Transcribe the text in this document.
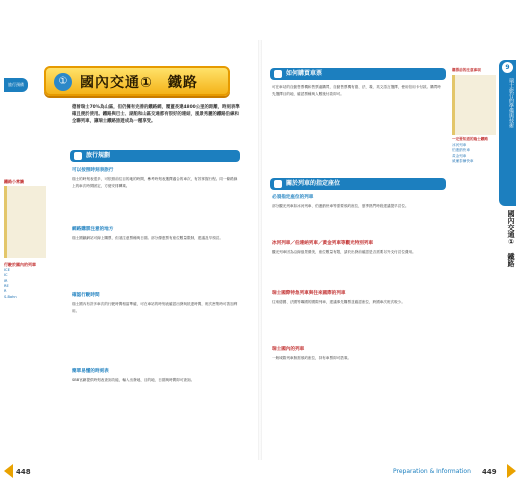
旅行預備	① 國內交通①　鐵路
德曾瑞士70%為山區，但仍擁有完善的鐵路網，覆蓋長達4800公里的距離，時刻表準確且便於使用。鐵路與巴士、湖船和山區交通都有很好的連結，風景秀麗的鐵路沿線和全聯列車，讓瑞士鐵路旅遊成為一種享受。
旅行規劃
可以按照時刻表旅行
瑞士的時刻表很多，可依照前往目的地的時間，參考時刻表選擇適合的車次，有效掌握行程。同一條路線上的車次時間固定，方便安排轉乘。
網路購票注意的地方
瑞士國鐵網站可線上購票，但須注意票種與日期。部分優惠票有座位數量限制，建議及早預訂。
確認行駛時間
瑞士國內有許多車次的行駛時間相當準確，可在車站的時刻表確認出發與抵達時間，班次密集時可善加利用。
簡單易懂的時刻表
SBB官網提供時刻表查詢功能，輸入出發地、目的地、日期與時間即可查詢。
鐵路小常識
行駛於國內的列車
ICE
IC
IR
RE
R
S-Bahn
448
如何購買車票
可在車站的自動售票機和售票處購買，自動售票機有德、法、義、英文語言選擇，使用信用卡付款。購買時先選擇目的地、確認票種與人數後付款即可。
關於列車的指定座位
必須指定座位的列車
部分觀光列車如冰河列車、伯連納快車等需要預約座位，夏季熱門時段建議提早訂位。
冰河列車／伯連納列車／黃金列車等觀光特別列車
觀光列車因為沿線風景優美，座位數量有限，請於出發前確認是否需要另外支付訂位費用。
瑞士國際特急列車與往來國際的列車
往來德國、法國等鄰國的國際列車，建議事先購票並確認座位，跨國車次班次較少。
瑞士國內的列車
一般城際列車無需預約座位，持有車票即可搭乘。
購票前的注意事項
一定要知道的瑞士鐵路
冰河列車
伯連納快車
黃金列車
威廉泰爾快車
9
瑞士旅行的準備與技術
國內交通①　鐵路
Preparation & Information 449
